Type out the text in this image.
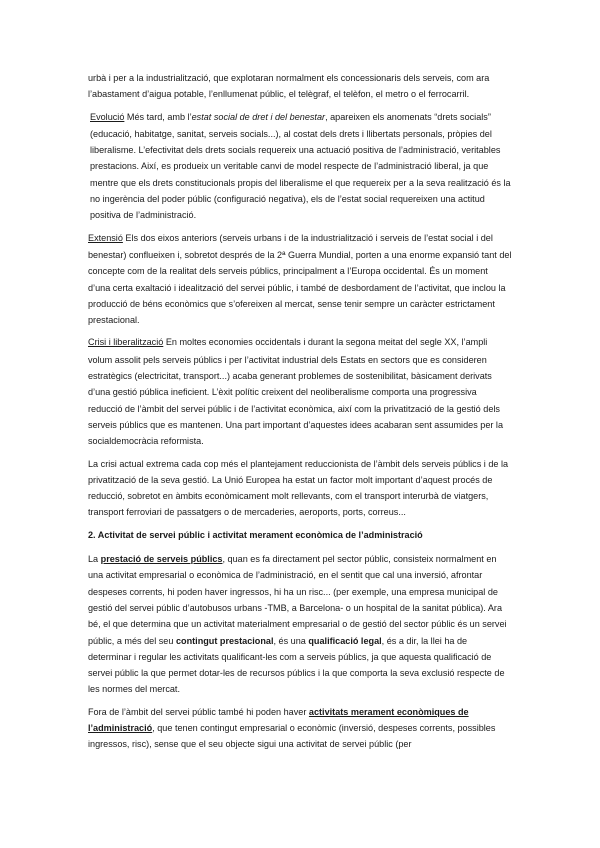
urbà i per a la industrialització, que explotaran normalment els concessionaris dels serveis, com ara l’abastament d’aigua potable, l’enllumenat públic, el telègraf, el telèfon, el metro o el ferrocarril.

Evolució Més tard, amb l’estat social de dret i del benestar, apareixen els anomenats “drets socials” (educació, habitatge, sanitat, serveis socials...), al costat dels drets i llibertats personals, pròpies del liberalisme. L’efectivitat dels drets socials requereix una actuació positiva de l’administració, veritables prestacions. Així, es produeix un veritable canvi de model respecte de l’administració liberal, ja que mentre que els drets constitucionals propis del liberalisme el que requereix per a la seva realització és la no ingerència del poder públic (configuració negativa), els de l’estat social requereixen una actitud positiva de l’administració.

Extensió Els dos eixos anteriors (serveis urbans i de la industrialització i serveis de l’estat social i del benestar) conflueixen i, sobretot després de la 2ª Guerra Mundial, porten a una enorme expansió tant del concepte com de la realitat dels serveis públics, principalment a l’Europa occidental. És un moment d’una certa exaltació i idealització del servei públic, i també de desbordament de l’activitat, que inclou la producció de béns econòmics que s’ofereixen al mercat, sense tenir sempre un caràcter estrictament prestacional.

Crisi i liberalització En moltes economies occidentals i durant la segona meitat del segle XX, l’ampli volum assolit pels serveis públics i per l’activitat industrial dels Estats en sectors que es consideren estratègics (electricitat, transport...) acaba generant problemes de sostenibilitat, bàsicament derivats d’una gestió pública ineficient. L’èxit polític creixent del neoliberalisme comporta una progressiva reducció de l’àmbit del servei públic i de l’activitat econòmica, així com la privatització de la gestió dels serveis públics que es mantenen. Una part important d’aquestes idees acabaran sent assumides per la socialdemocràcia reformista.

La crisi actual extrema cada cop més el plantejament reduccionista de l’àmbit dels serveis públics i de la privatització de la seva gestió. La Unió Europea ha estat un factor molt important d’aquest procés de reducció, sobretot en àmbits econòmicament molt rellevants, com el transport interurbà de viatgers, transport ferroviari de passatgers o de mercaderies, aeroports, ports, correus...

2. Activitat de servei públic i activitat merament econòmica de l’administració

La prestació de serveis públics, quan es fa directament pel sector públic, consisteix normalment en una activitat empresarial o econòmica de l’administració, en el sentit que cal una inversió, afrontar despeses corrents, hi poden haver ingressos, hi ha un risc... (per exemple, una empresa municipal de gestió del servei públic d’autobusos urbans -TMB, a Barcelona- o un hospital de la sanitat pública). Ara bé, el que determina que un activitat materialment empresarial o de gestió del sector públic és un servei públic, a més del seu contingut prestacional, és una qualificació legal, és a dir, la llei ha de determinar i regular les activitats qualificant-les com a serveis públics, ja que aquesta qualificació de servei públic la que permet dotar-les de recursos públics i la que comporta la seva exclusió respecte de les normes del mercat.

Fora de l’àmbit del servei públic també hi poden haver activitats merament econòmiques de l’administració, que tenen contingut empresarial o econòmic (inversió, despeses corrents, possibles ingressos, risc), sense que el seu objecte sigui una activitat de servei públic (per
